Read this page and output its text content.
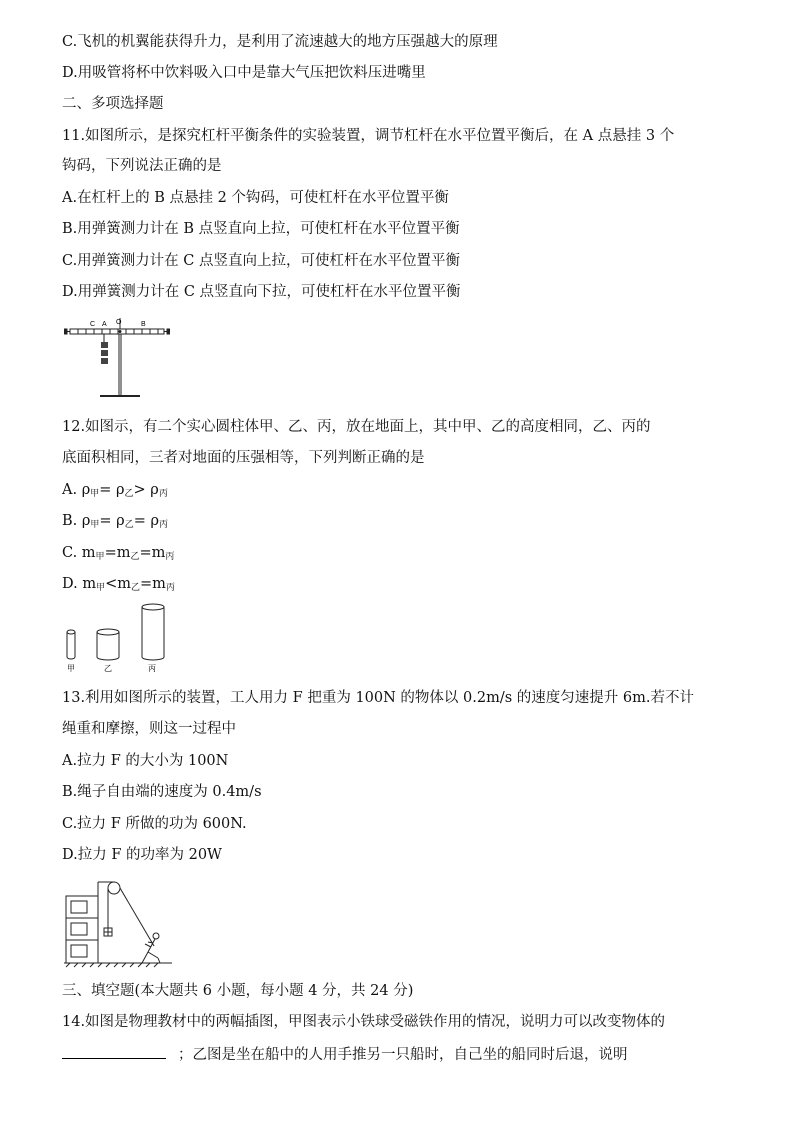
C.飞机的机翼能获得升力，是利用了流速越大的地方压强越大的原理
D.用吸管将杯中饮料吸入口中是靠大气压把饮料压进嘴里
二、多项选择题
11.如图所示，是探究杠杆平衡条件的实验装置，调节杠杆在水平位置平衡后，在 A 点悬挂 3 个
钩码，下列说法正确的是
A.在杠杆上的 B 点悬挂 2 个钩码，可使杠杆在水平位置平衡
B.用弹簧测力计在 B 点竖直向上拉，可使杠杆在水平位置平衡
C.用弹簧测力计在 C 点竖直向上拉，可使杠杆在水平位置平衡
D.用弹簧测力计在 C 点竖直向下拉，可使杠杆在水平位置平衡
C A O	B
12.如图示，有二个实心圆柱体甲、乙、丙，放在地面上，其中甲、乙的高度相同，乙、丙的
底面积相同，三者对地面的压强相等，下列判断正确的是
A. $\rho_甲= \rho_乙> \rho_丙$
B. $\rho_甲= \rho_乙= \rho_丙$
C. $m_甲=m_乙=m_丙$
D. $m_甲<m_乙=m_丙$
甲	乙	丙
13.利用如图所示的装置，工人用力 F 把重为 100N 的物体以 0.2m/s 的速度匀速提升 6m.若不计
绳重和摩擦，则这一过程中
A.拉力 F 的大小为 100N
B.绳子自由端的速度为 0.4m/s
C.拉力 F 所做的功为 600N.
D.拉力 F 的功率为 20W
三、填空题(本大题共 6 小题，每小题 4 分，共 24 分)
14.如图是物理教材中的两幅插图，甲图表示小铁球受磁铁作用的情况，说明力可以改变物体的
；乙图是坐在船中的人用手推另一只船时，自己坐的船同时后退，说明
